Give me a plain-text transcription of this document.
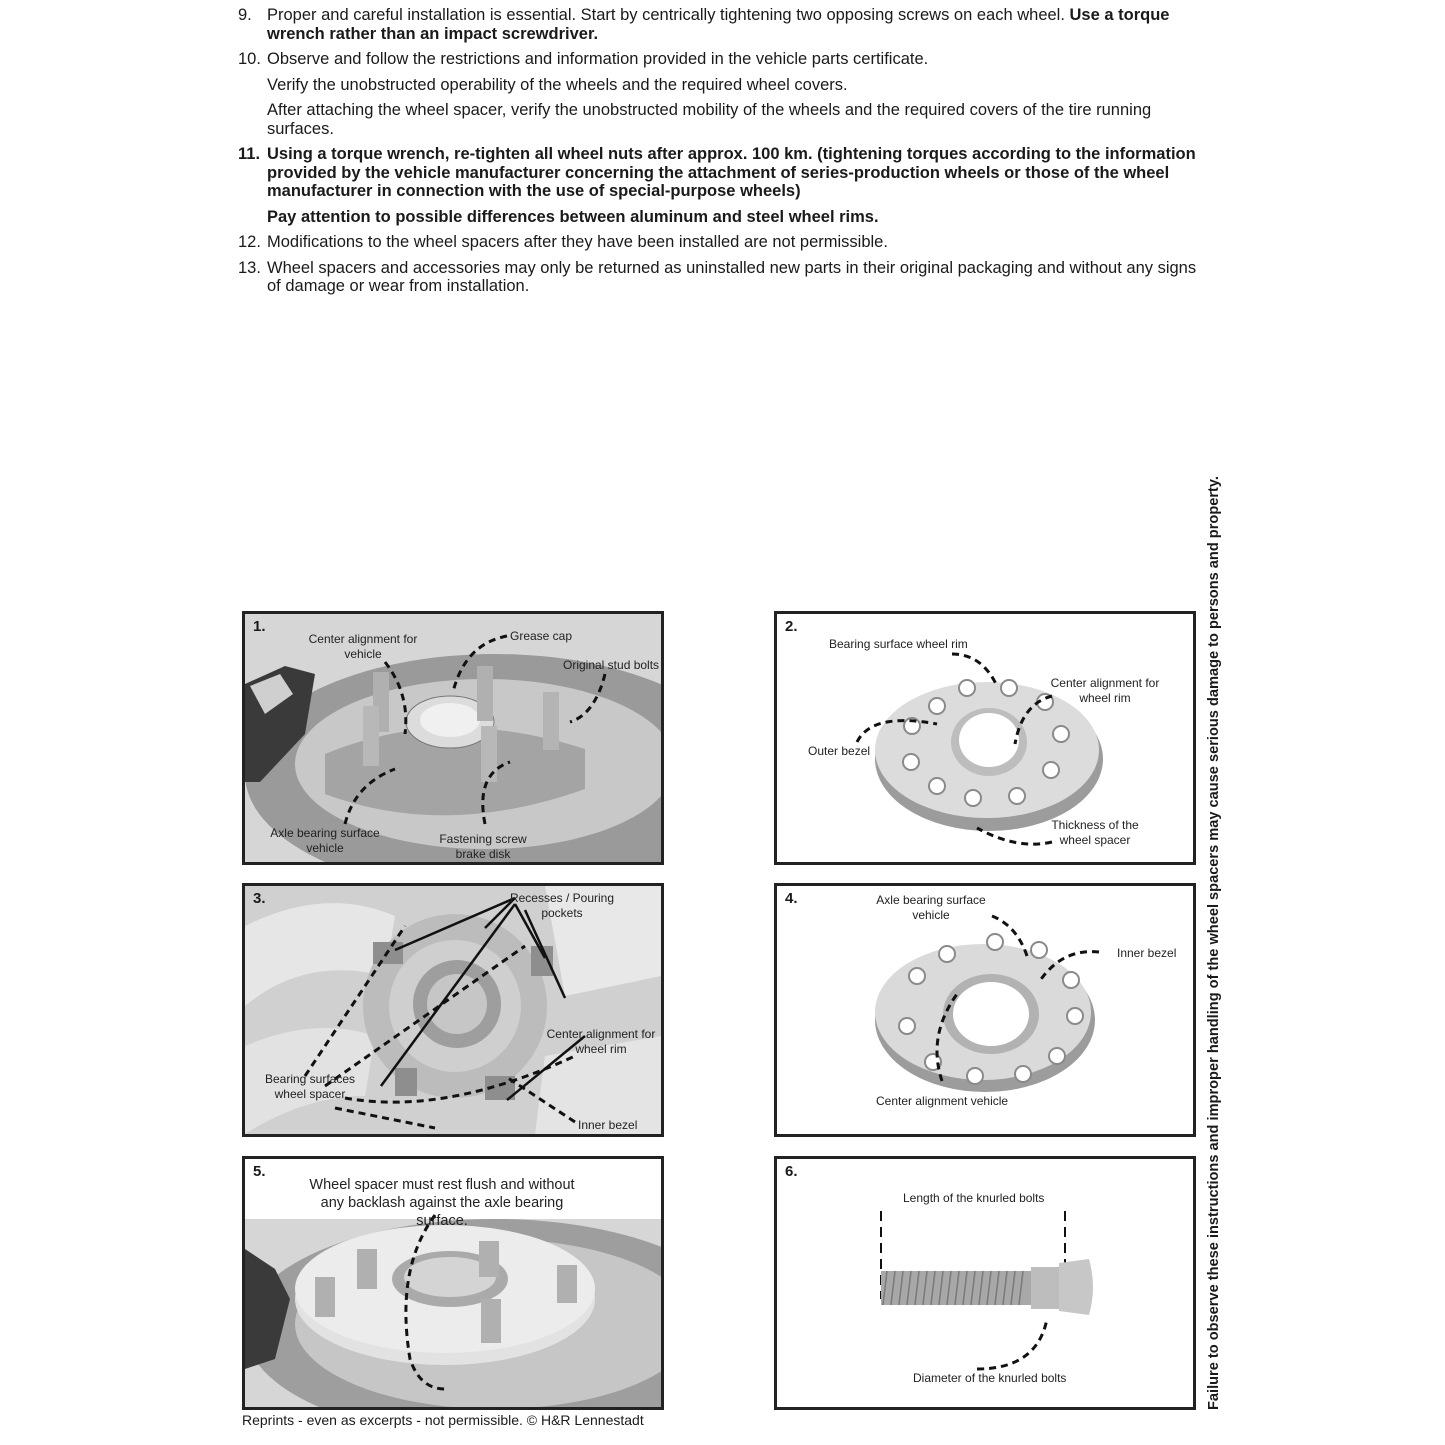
9. Proper and careful installation is essential. Start by centrically tightening two opposing screws on each wheel. Use a torque wrench rather than an impact screwdriver.
10. Observe and follow the restrictions and information provided in the vehicle parts certificate.
Verify the unobstructed operability of the wheels and the required wheel covers.
After attaching the wheel spacer, verify the unobstructed mobility of the wheels and the required covers of the tire running surfaces.
11. Using a torque wrench, re-tighten all wheel nuts after approx. 100 km. (tightening torques according to the information provided by the vehicle manufacturer concerning the attachment of series-production wheels or those of the wheel manufacturer in connection with the use of special-purpose wheels)
Pay attention to possible differences between aluminum and steel wheel rims.
12. Modifications to the wheel spacers after they have been installed are not permissible.
13. Wheel spacers and accessories may only be returned as uninstalled new parts in their original packaging and without any signs of damage or wear from installation.
Failure to observe these instructions and improper handling of the wheel spacers may cause serious damage to persons and property.
1.
Center alignment for vehicle
Grease cap
Original stud bolts
Axle bearing surface vehicle
Fastening screw brake disk
2.
Bearing surface wheel rim
Center alignment for wheel rim
Outer bezel
Thickness of the wheel spacer
3.	Recesses / Pouring pockets
Center alignment for wheel rim
Bearing surfaces wheel spacer
Inner bezel
4.	Axle bearing surface vehicle
Inner bezel
Center alignment vehicle
5.
Wheel spacer must rest flush and without any backlash against the axle bearing surface.
6.
Length of the knurled bolts
Diameter of the knurled bolts
Reprints - even as excerpts - not permissible. © H&R Lennestadt
